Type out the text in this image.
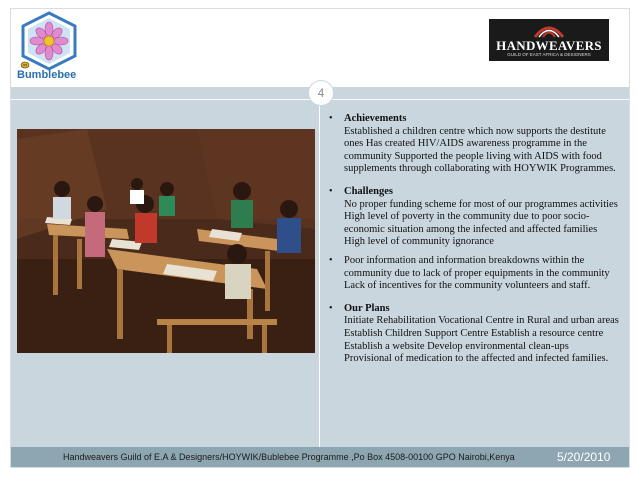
Bumblebee
HANDWEAVERS
GUILD OF EAST AFRICA & DESIGNERS
4
• Achievements
Established a children centre which now supports the destitute ones Has created HIV/AIDS awareness programme in the community Supported the people living with AIDS with food supplements through collaborating with HOYWIK Programmes.
• Challenges
No proper funding scheme for most of our programmes activities High level of poverty in the community due to poor socio-economic situation among the infected and affected families High level of community ignorance
• Poor information and information breakdowns within the community due to lack of proper equipments in the community Lack of incentives for the community volunteers and staff.
• Our Plans
Initiate Rehabilitation Vocational Centre in Rural and urban areas Establish Children Support Centre Establish a resource centre Establish a website Develop environmental clean-ups Provisional of medication to the affected and infected families.
Handweavers Guild of E.A & Designers/HOYWIK/Bublebee Programme ,Po Box 4508-00100 GPO Nairobi,Kenya	5/20/2010
